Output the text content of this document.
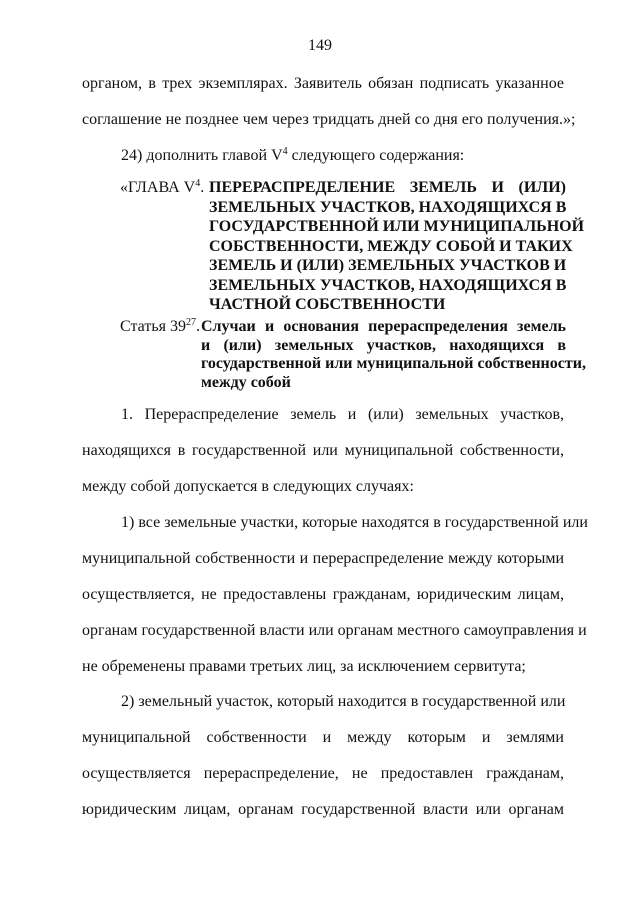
149
органом, в трех экземплярах. Заявитель обязан подписать указанное
соглашение не позднее чем через тридцать дней со дня его получения.»;
24) дополнить главой $V^4$ следующего содержания:
«ГЛАВА $V^4$. ПЕРЕРАСПРЕДЕЛЕНИЕ ЗЕМЕЛЬ И (ИЛИ)
ЗЕМЕЛЬНЫХ УЧАСТКОВ, НАХОДЯЩИХСЯ В
ГОСУДАРСТВЕННОЙ ИЛИ МУНИЦИПАЛЬНОЙ
СОБСТВЕННОСТИ, МЕЖДУ СОБОЙ И ТАКИХ
ЗЕМЕЛЬ И (ИЛИ) ЗЕМЕЛЬНЫХ УЧАСТКОВ И
ЗЕМЕЛЬНЫХ УЧАСТКОВ, НАХОДЯЩИХСЯ В
ЧАСТНОЙ СОБСТВЕННОСТИ
Статья $39^{27}$. Случаи и основания перераспределения земель
и (или) земельных участков, находящихся в
государственной или муниципальной собственности,
между собой
1. Перераспределение земель и (или) земельных участков,
находящихся в государственной или муниципальной собственности,
между собой допускается в следующих случаях:
1) все земельные участки, которые находятся в государственной или
муниципальной собственности и перераспределение между которыми
осуществляется, не предоставлены гражданам, юридическим лицам,
органам государственной власти или органам местного самоуправления и
не обременены правами третьих лиц, за исключением сервитута;
2) земельный участок, который находится в государственной или
муниципальной собственности и между которым и землями
осуществляется перераспределение, не предоставлен гражданам,
юридическим лицам, органам государственной власти или органам
